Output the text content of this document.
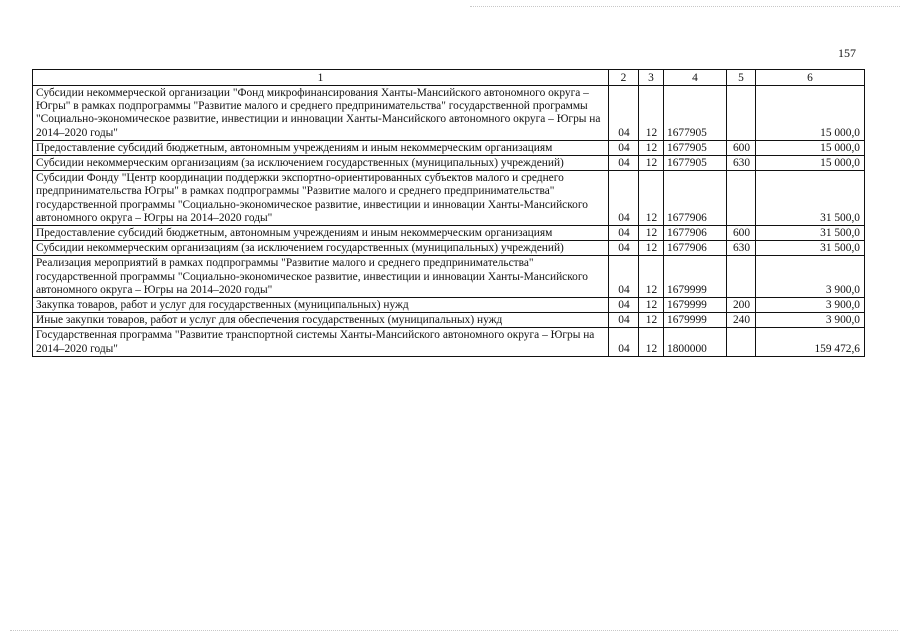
157
1	2	3	4	5	6
Субсидии некоммерческой организации "Фонд микрофинансирования Ханты-Мансийского автономного округа – Югры" в рамках подпрограммы "Развитие малого и среднего предпринимательства" государственной программы "Социально-экономическое развитие, инвестиции и инновации Ханты-Мансийского автономного округа – Югры на 2014–2020 годы"	04	12	1677905		15 000,0
Предоставление субсидий бюджетным, автономным учреждениям и иным некоммерческим организациям	04	12	1677905	600	15 000,0
Субсидии некоммерческим организациям (за исключением государственных (муниципальных) учреждений)	04	12	1677905	630	15 000,0
Субсидии Фонду "Центр координации поддержки экспортно-ориентированных субъектов малого и среднего предпринимательства Югры" в рамках подпрограммы "Развитие малого и среднего предпринимательства" государственной программы "Социально-экономическое развитие, инвестиции и инновации Ханты-Мансийского автономного округа – Югры на 2014–2020 годы"	04	12	1677906		31 500,0
Предоставление субсидий бюджетным, автономным учреждениям и иным некоммерческим организациям	04	12	1677906	600	31 500,0
Субсидии некоммерческим организациям (за исключением государственных (муниципальных) учреждений)	04	12	1677906	630	31 500,0
Реализация мероприятий в рамках подпрограммы "Развитие малого и среднего предпринимательства" государственной программы "Социально-экономическое развитие, инвестиции и инновации Ханты-Мансийского автономного округа – Югры на 2014–2020 годы"	04	12	1679999		3 900,0
Закупка товаров, работ и услуг для государственных (муниципальных) нужд	04	12	1679999	200	3 900,0
Иные закупки товаров, работ и услуг для обеспечения государственных (муниципальных) нужд	04	12	1679999	240	3 900,0
Государственная программа "Развитие транспортной системы Ханты-Мансийского автономного округа – Югры на 2014–2020 годы"	04	12	1800000		159 472,6
